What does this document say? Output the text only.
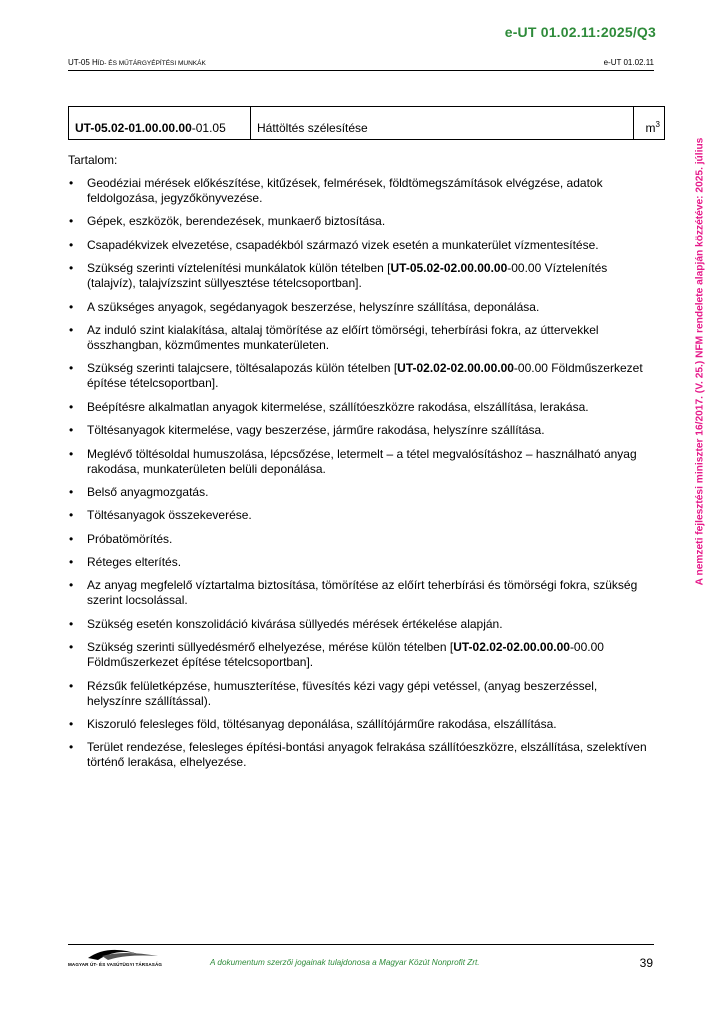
e-UT 01.02.11:2025/Q3
UT-05 HÍD- ÉS MŰTÁRGYÉPÍTÉSI MUNKÁK	e-UT 01.02.11
A nemzeti fejlesztési miniszter 16/2017. (V. 25.) NFM rendelete alapján közzétéve: 2025. július
UT-05.02-01.00.00.00-01.05	Háttöltés szélesítése	$m^3$
Tartalom:
• Geodéziai mérések előkészítése, kitűzések, felmérések, földtömegszámítások elvégzése, adatok feldolgozása, jegyzőkönyvezése.
• Gépek, eszközök, berendezések, munkaerő biztosítása.
• Csapadékvizek elvezetése, csapadékból származó vizek esetén a munkaterület vízmentesítése.
• Szükség szerinti víztelenítési munkálatok külön tételben [UT-05.02-02.00.00.00-00.00 Víztelenítés (talajvíz), talajvízszint süllyesztése tételcsoportban].
• A szükséges anyagok, segédanyagok beszerzése, helyszínre szállítása, deponálása.
• Az induló szint kialakítása, altalaj tömörítése az előírt tömörségi, teherbírási fokra, az úttervekkel összhangban, közműmentes munkaterületen.
• Szükség szerinti talajcsere, töltésalapozás külön tételben [UT-02.02-02.00.00.00-00.00 Földműszerkezet építése tételcsoportban].
• Beépítésre alkalmatlan anyagok kitermelése, szállítóeszközre rakodása, elszállítása, lerakása.
• Töltésanyagok kitermelése, vagy beszerzése, járműre rakodása, helyszínre szállítása.
• Meglévő töltésoldal humuszolása, lépcsőzése, letermelt – a tétel megvalósításhoz – használható anyag rakodása, munkaterületen belüli deponálása.
• Belső anyagmozgatás.
• Töltésanyagok összekeverése.
• Próbatömörítés.
• Réteges elterítés.
• Az anyag megfelelő víztartalma biztosítása, tömörítése az előírt teherbírási és tömörségi fokra, szükség szerint locsolással.
• Szükség esetén konszolidáció kivárása süllyedés mérések értékelése alapján.
• Szükség szerinti süllyedésmérő elhelyezése, mérése külön tételben [UT-02.02-02.00.00.00-00.00 Földműszerkezet építése tételcsoportban].
• Rézsűk felületképzése, humuszterítése, füvesítés kézi vagy gépi vetéssel, (anyag beszerzéssel, helyszínre szállítással).
• Kiszoruló felesleges föld, töltésanyag deponálása, szállítójárműre rakodása, elszállítása.
• Terület rendezése, felesleges építési-bontási anyagok felrakása szállítóeszközre, elszállítása, szelektíven történő lerakása, elhelyezése.
MAGYAR ÚT- ÉS VASÚTÜGYI TÁRSASÁG	A dokumentum szerzői jogainak tulajdonosa a Magyar Közút Nonprofit Zrt.	39
